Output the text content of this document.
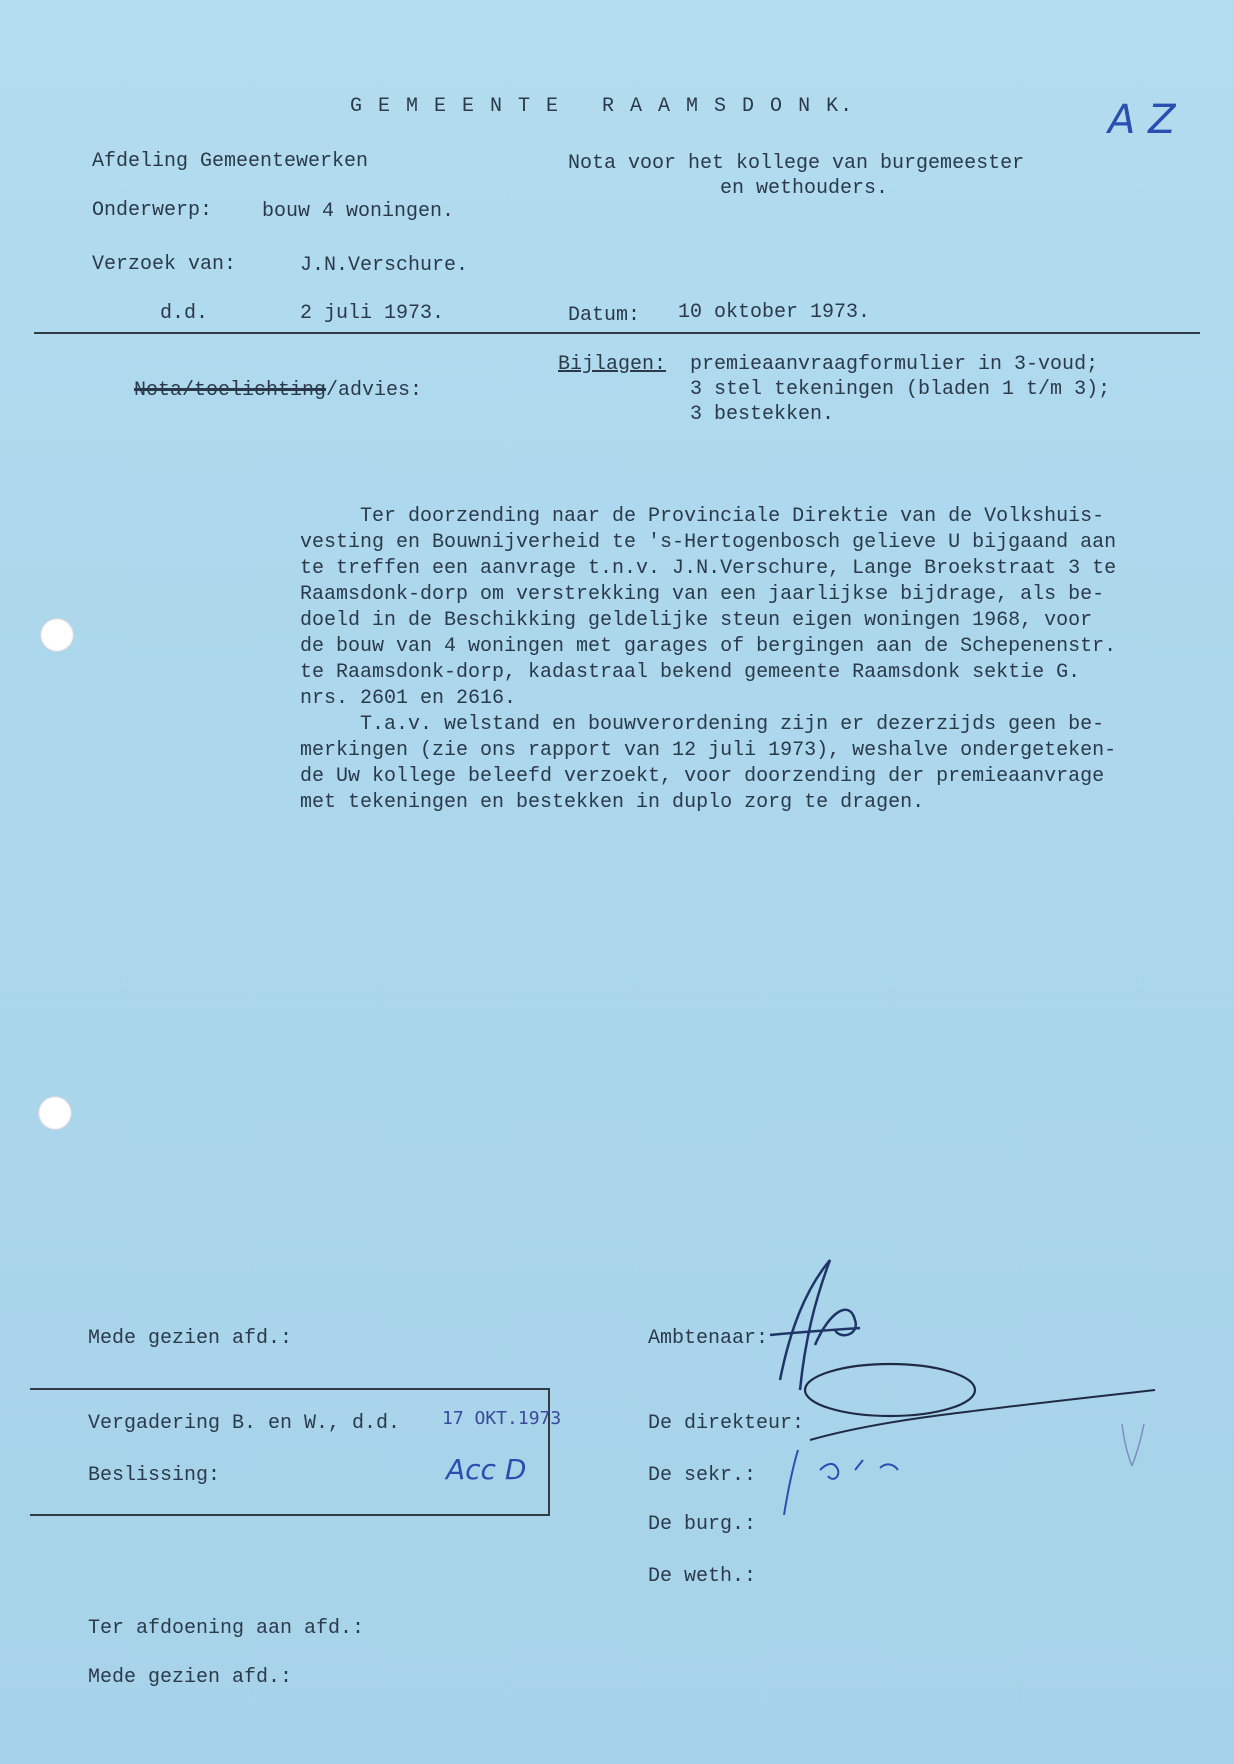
G E M E E N T E   R A A M S D O N K.	A Z
Afdeling Gemeentewerken	Nota voor het kollege van burgemeester
en wethouders.
Onderwerp: bouw 4 woningen.
Verzoek van:	J.N.Verschure.
d.d.	2 juli 1973.	Datum: 10 oktober 1973.

Nota/toelichting/advies:

Bijlagen: premieaanvraagformulier in 3-voud;
3 stel tekeningen (bladen 1 t/m 3);
3 bestekken.
Ter doorzending naar de Provinciale Direktie van de Volkshuis-
vesting en Bouwnijverheid te 's-Hertogenbosch gelieve U bijgaand aan
te treffen een aanvrage t.n.v. J.N.Verschure, Lange Broekstraat 3 te
Raamsdonk-dorp om verstrekking van een jaarlijkse bijdrage, als be-
doeld in de Beschikking geldelijke steun eigen woningen 1968, voor
de bouw van 4 woningen met garages of bergingen aan de Schepenenstr.
te Raamsdonk-dorp, kadastraal bekend gemeente Raamsdonk sektie G.
nrs. 2601 en 2616.
T.a.v. welstand en bouwverordening zijn er dezerzijds geen be-
merkingen (zie ons rapport van 12 juli 1973), weshalve ondergeteken-
de Uw kollege beleefd verzoekt, voor doorzending der premieaanvrage
met tekeningen en bestekken in duplo zorg te dragen.
Mede gezien afd.:
Vergadering B. en W., d.d. 17 OKT.1973
Beslissing:	Acc D
Ambtenaar:
De direkteur:
De sekr.:
De burg.:
De weth.:
Ter afdoening aan afd.:
Mede gezien afd.:
